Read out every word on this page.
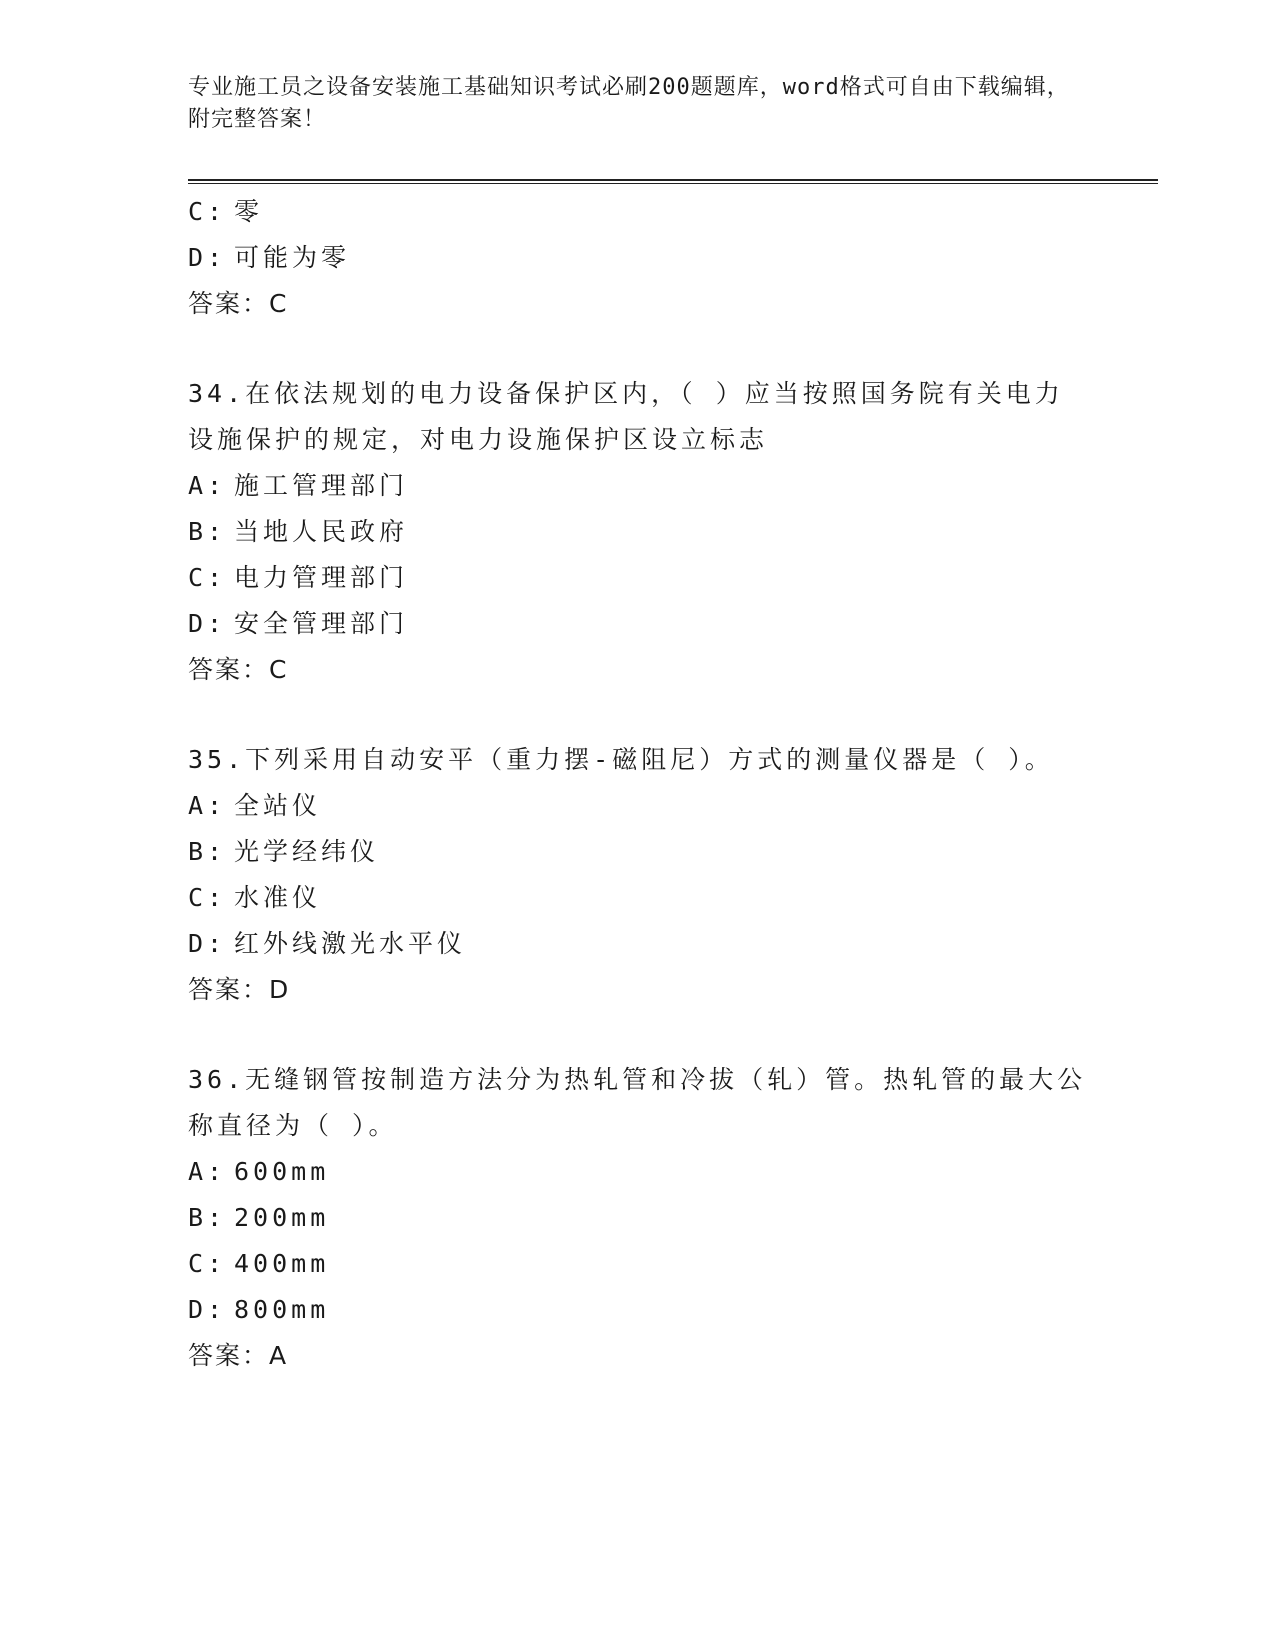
专业施工员之设备安装施工基础知识考试必刷200题题库，word格式可自由下载编辑，附完整答案！
C: 零
D: 可能为零
答案：C
34.在依法规划的电力设备保护区内，（ ）应当按照国务院有关电力
设施保护的规定，对电力设施保护区设立标志
A: 施工管理部门
B: 当地人民政府
C: 电力管理部门
D: 安全管理部门
答案：C
35.下列采用自动安平（重力摆-磁阻尼）方式的测量仪器是（ ）。
A: 全站仪
B: 光学经纬仪
C: 水准仪
D: 红外线激光水平仪
答案：D
36.无缝钢管按制造方法分为热轧管和冷拔（轧）管。热轧管的最大公
称直径为（ ）。
A: 600mm
B: 200mm
C: 400mm
D: 800mm
答案：A
